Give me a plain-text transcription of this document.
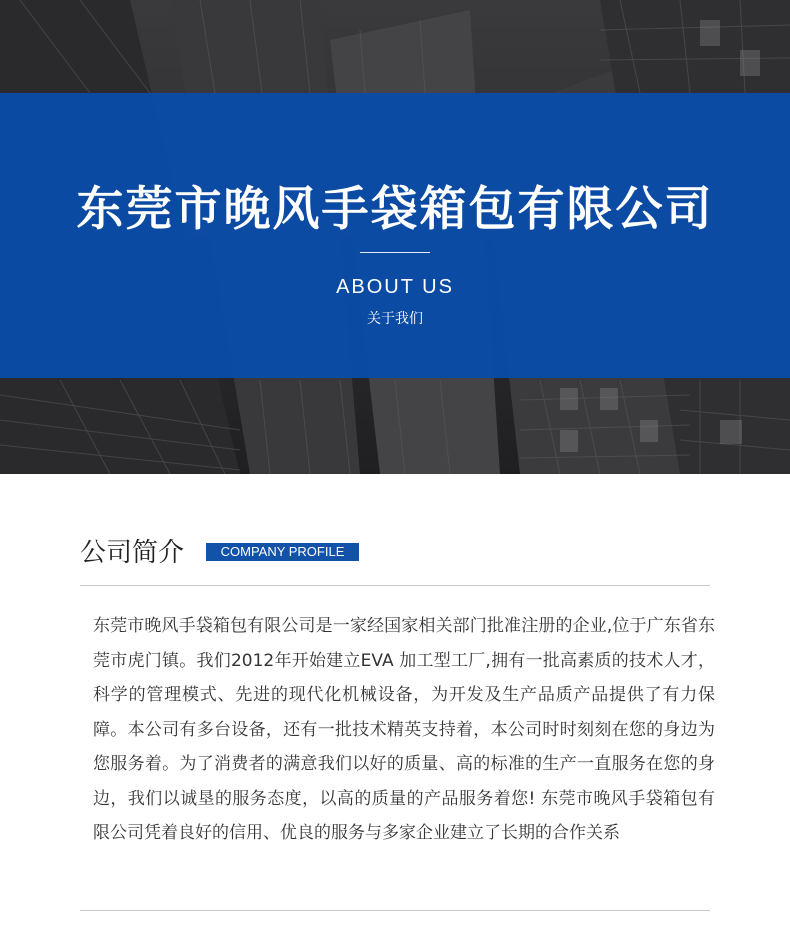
东莞市晚风手袋箱包有限公司
ABOUT US
关于我们
公司简介	COMPANY PROFILE
东莞市晚风手袋箱包有限公司是一家经国家相关部门批准注册的企业,位于广东省东莞市虎门镇。我们2012年开始建立EVA 加工型工厂,拥有一批高素质的技术人才，科学的管理模式、先进的现代化机械设备，为开发及生产品质产品提供了有力保障。本公司有多台设备，还有一批技术精英支持着，本公司时时刻刻在您的身边为您服务着。为了消费者的满意我们以好的质量、高的标准的生产一直服务在您的身边，我们以诚垦的服务态度，以高的质量的产品服务着您! 东莞市晚风手袋箱包有限公司凭着良好的信用、优良的服务与多家企业建立了长期的合作关系
